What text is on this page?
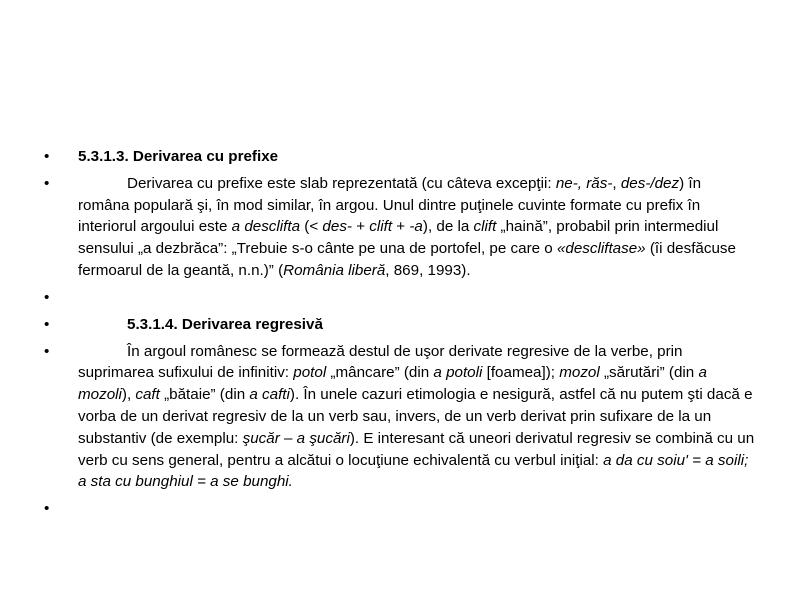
•	5.3.1.3. Derivarea cu prefixe
•	Derivarea cu prefixe este slab reprezentată (cu câteva excepţii: ne-, răs-, des-/dez) în româna populară şi, în mod similar, în argou. Unul dintre puţinele cuvinte formate cu prefix în interiorul argoului este a desclifta (< des- + clift + -a), de la clift „haină”, probabil prin intermediul sensului „a dezbrăca”: „Trebuie s-o cânte pe una de portofel, pe care o «descliftase» (îi desfăcuse fermoarul de la geantă, n.n.)” (România liberă, 869, 1993).
•
•	5.3.1.4. Derivarea regresivă
•	În argoul românesc se formează destul de uşor derivate regresive de la verbe, prin suprimarea sufixului de infinitiv: potol „mâncare” (din a potoli [foamea]); mozol „sărutări” (din a mozoli), caft „bătaie” (din a cafti). În unele cazuri etimologia e nesigură, astfel că nu putem şti dacă e vorba de un derivat regresiv de la un verb sau, invers, de un verb derivat prin sufixare de la un substantiv (de exemplu: şucăr – a şucări). E interesant că uneori derivatul regresiv se combină cu un verb cu sens general, pentru a alcătui o locuţiune echivalentă cu verbul iniţial: a da cu soiu' = a soili; a sta cu bunghiul = a se bunghi.
•
